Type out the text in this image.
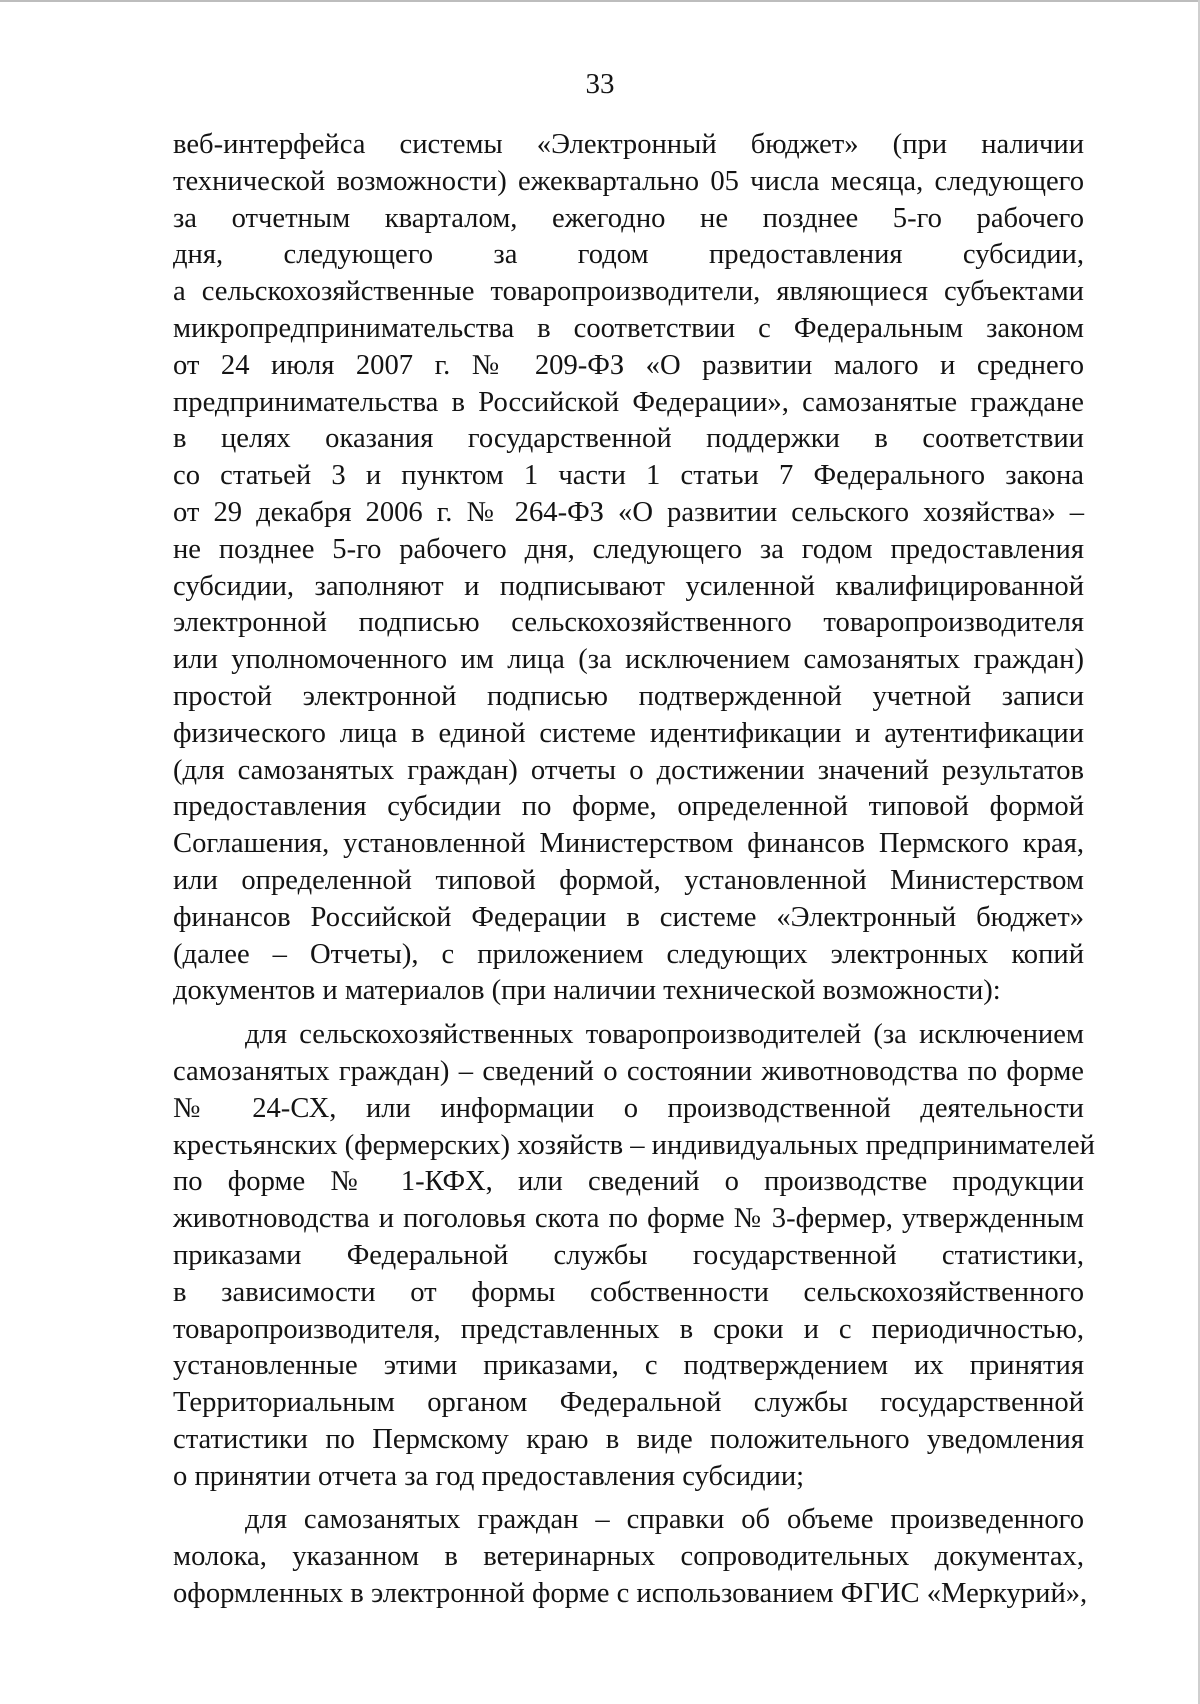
33
веб-интерфейса системы «Электронный бюджет» (при наличии
технической возможности) ежеквартально 05 числа месяца, следующего
за отчетным кварталом, ежегодно не позднее 5-го рабочего
дня, следующего за годом предоставления субсидии,
а сельскохозяйственные товаропроизводители, являющиеся субъектами
микропредпринимательства в соответствии с Федеральным законом
от 24 июля 2007 г. № 209-ФЗ «О развитии малого и среднего
предпринимательства в Российской Федерации», самозанятые граждане
в целях оказания государственной поддержки в соответствии
со статьей 3 и пунктом 1 части 1 статьи 7 Федерального закона
от 29 декабря 2006 г. № 264-ФЗ «О развитии сельского хозяйства» –
не позднее 5-го рабочего дня, следующего за годом предоставления
субсидии, заполняют и подписывают усиленной квалифицированной
электронной подписью сельскохозяйственного товаропроизводителя
или уполномоченного им лица (за исключением самозанятых граждан)
простой электронной подписью подтвержденной учетной записи
физического лица в единой системе идентификации и аутентификации
(для самозанятых граждан) отчеты о достижении значений результатов
предоставления субсидии по форме, определенной типовой формой
Соглашения, установленной Министерством финансов Пермского края,
или определенной типовой формой, установленной Министерством
финансов Российской Федерации в системе «Электронный бюджет»
(далее – Отчеты), с приложением следующих электронных копий
документов и материалов (при наличии технической возможности):
для сельскохозяйственных товаропроизводителей (за исключением
самозанятых граждан) – сведений о состоянии животноводства по форме
№ 24-СХ, или информации о производственной деятельности
крестьянских (фермерских) хозяйств – индивидуальных предпринимателей
по форме № 1-КФХ, или сведений о производстве продукции
животноводства и поголовья скота по форме № 3-фермер, утвержденным
приказами Федеральной службы государственной статистики,
в зависимости от формы собственности сельскохозяйственного
товаропроизводителя, представленных в сроки и с периодичностью,
установленные этими приказами, с подтверждением их принятия
Территориальным органом Федеральной службы государственной
статистики по Пермскому краю в виде положительного уведомления
о принятии отчета за год предоставления субсидии;
для самозанятых граждан – справки об объеме произведенного
молока, указанном в ветеринарных сопроводительных документах,
оформленных в электронной форме с использованием ФГИС «Меркурий»,
